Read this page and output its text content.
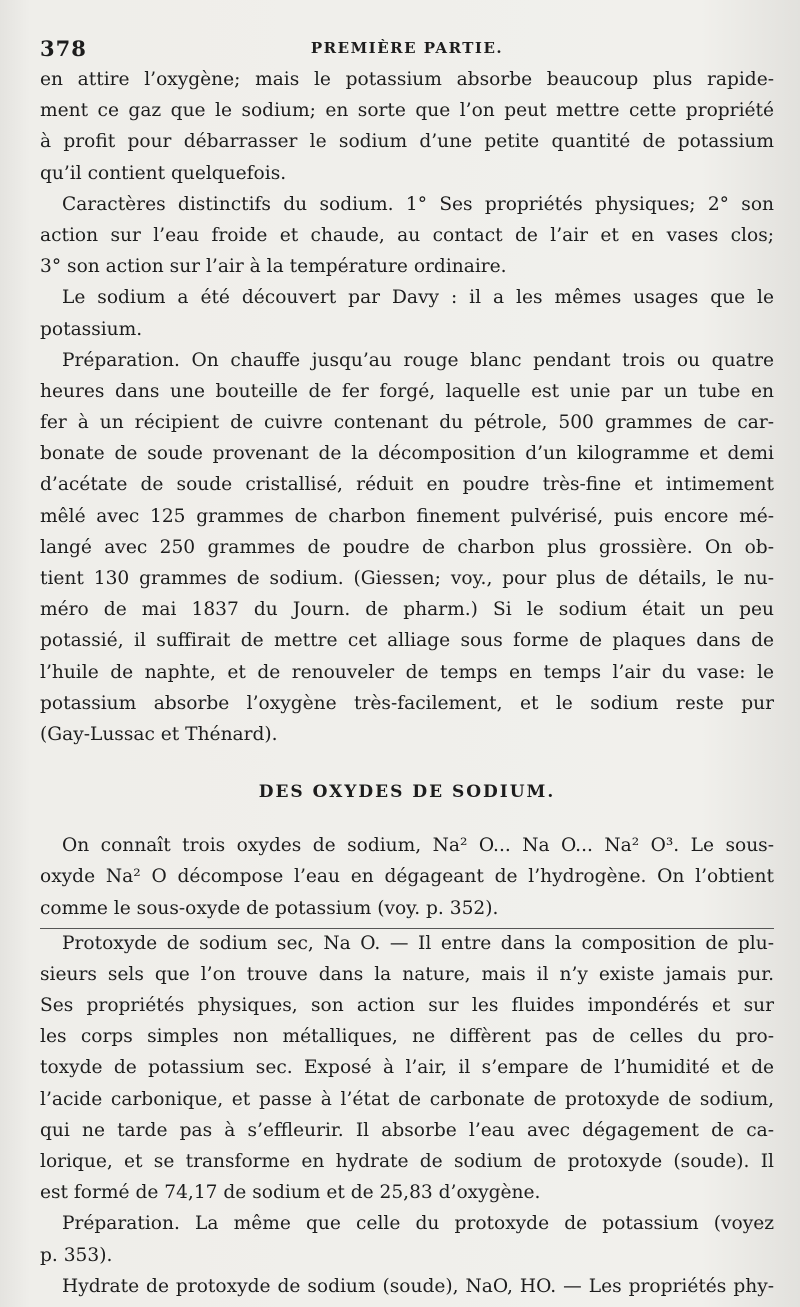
378	PREMIÈRE PARTIE.
en attire l’oxygène; mais le potassium absorbe beaucoup plus rapide-
ment ce gaz que le sodium; en sorte que l’on peut mettre cette propriété
à profit pour débarrasser le sodium d’une petite quantité de potassium
qu’il contient quelquefois.
Caractères distinctifs du sodium. 1° Ses propriétés physiques; 2° son
action sur l’eau froide et chaude, au contact de l’air et en vases clos;
3° son action sur l’air à la température ordinaire.
Le sodium a été découvert par Davy : il a les mêmes usages que le
potassium.
Préparation. On chauffe jusqu’au rouge blanc pendant trois ou quatre
heures dans une bouteille de fer forgé, laquelle est unie par un tube en
fer à un récipient de cuivre contenant du pétrole, 500 grammes de car-
bonate de soude provenant de la décomposition d’un kilogramme et demi
d’acétate de soude cristallisé, réduit en poudre très-fine et intimement
mêlé avec 125 grammes de charbon finement pulvérisé, puis encore mé-
langé avec 250 grammes de poudre de charbon plus grossière. On ob-
tient 130 grammes de sodium. (Giessen; voy., pour plus de détails, le nu-
méro de mai 1837 du Journ. de pharm.) Si le sodium était un peu
potassié, il suffirait de mettre cet alliage sous forme de plaques dans de
l’huile de naphte, et de renouveler de temps en temps l’air du vase: le
potassium absorbe l’oxygène très-facilement, et le sodium reste pur
(Gay-Lussac et Thénard).
DES OXYDES DE SODIUM.
On connaît trois oxydes de sodium, Na² O... Na O... Na² O³. Le sous-
oxyde Na² O décompose l’eau en dégageant de l’hydrogène. On l’obtient
comme le sous-oxyde de potassium (voy. p. 352).
Protoxyde de sodium sec, Na O. — Il entre dans la composition de plu-
sieurs sels que l’on trouve dans la nature, mais il n’y existe jamais pur.
Ses propriétés physiques, son action sur les fluides impondérés et sur
les corps simples non métalliques, ne diffèrent pas de celles du pro-
toxyde de potassium sec. Exposé à l’air, il s’empare de l’humidité et de
l’acide carbonique, et passe à l’état de carbonate de protoxyde de sodium,
qui ne tarde pas à s’effleurir. Il absorbe l’eau avec dégagement de ca-
lorique, et se transforme en hydrate de sodium de protoxyde (soude). Il
est formé de 74,17 de sodium et de 25,83 d’oxygène.
Préparation. La même que celle du protoxyde de potassium (voyez
p. 353).
Hydrate de protoxyde de sodium (soude), NaO, HO. — Les propriétés phy-
